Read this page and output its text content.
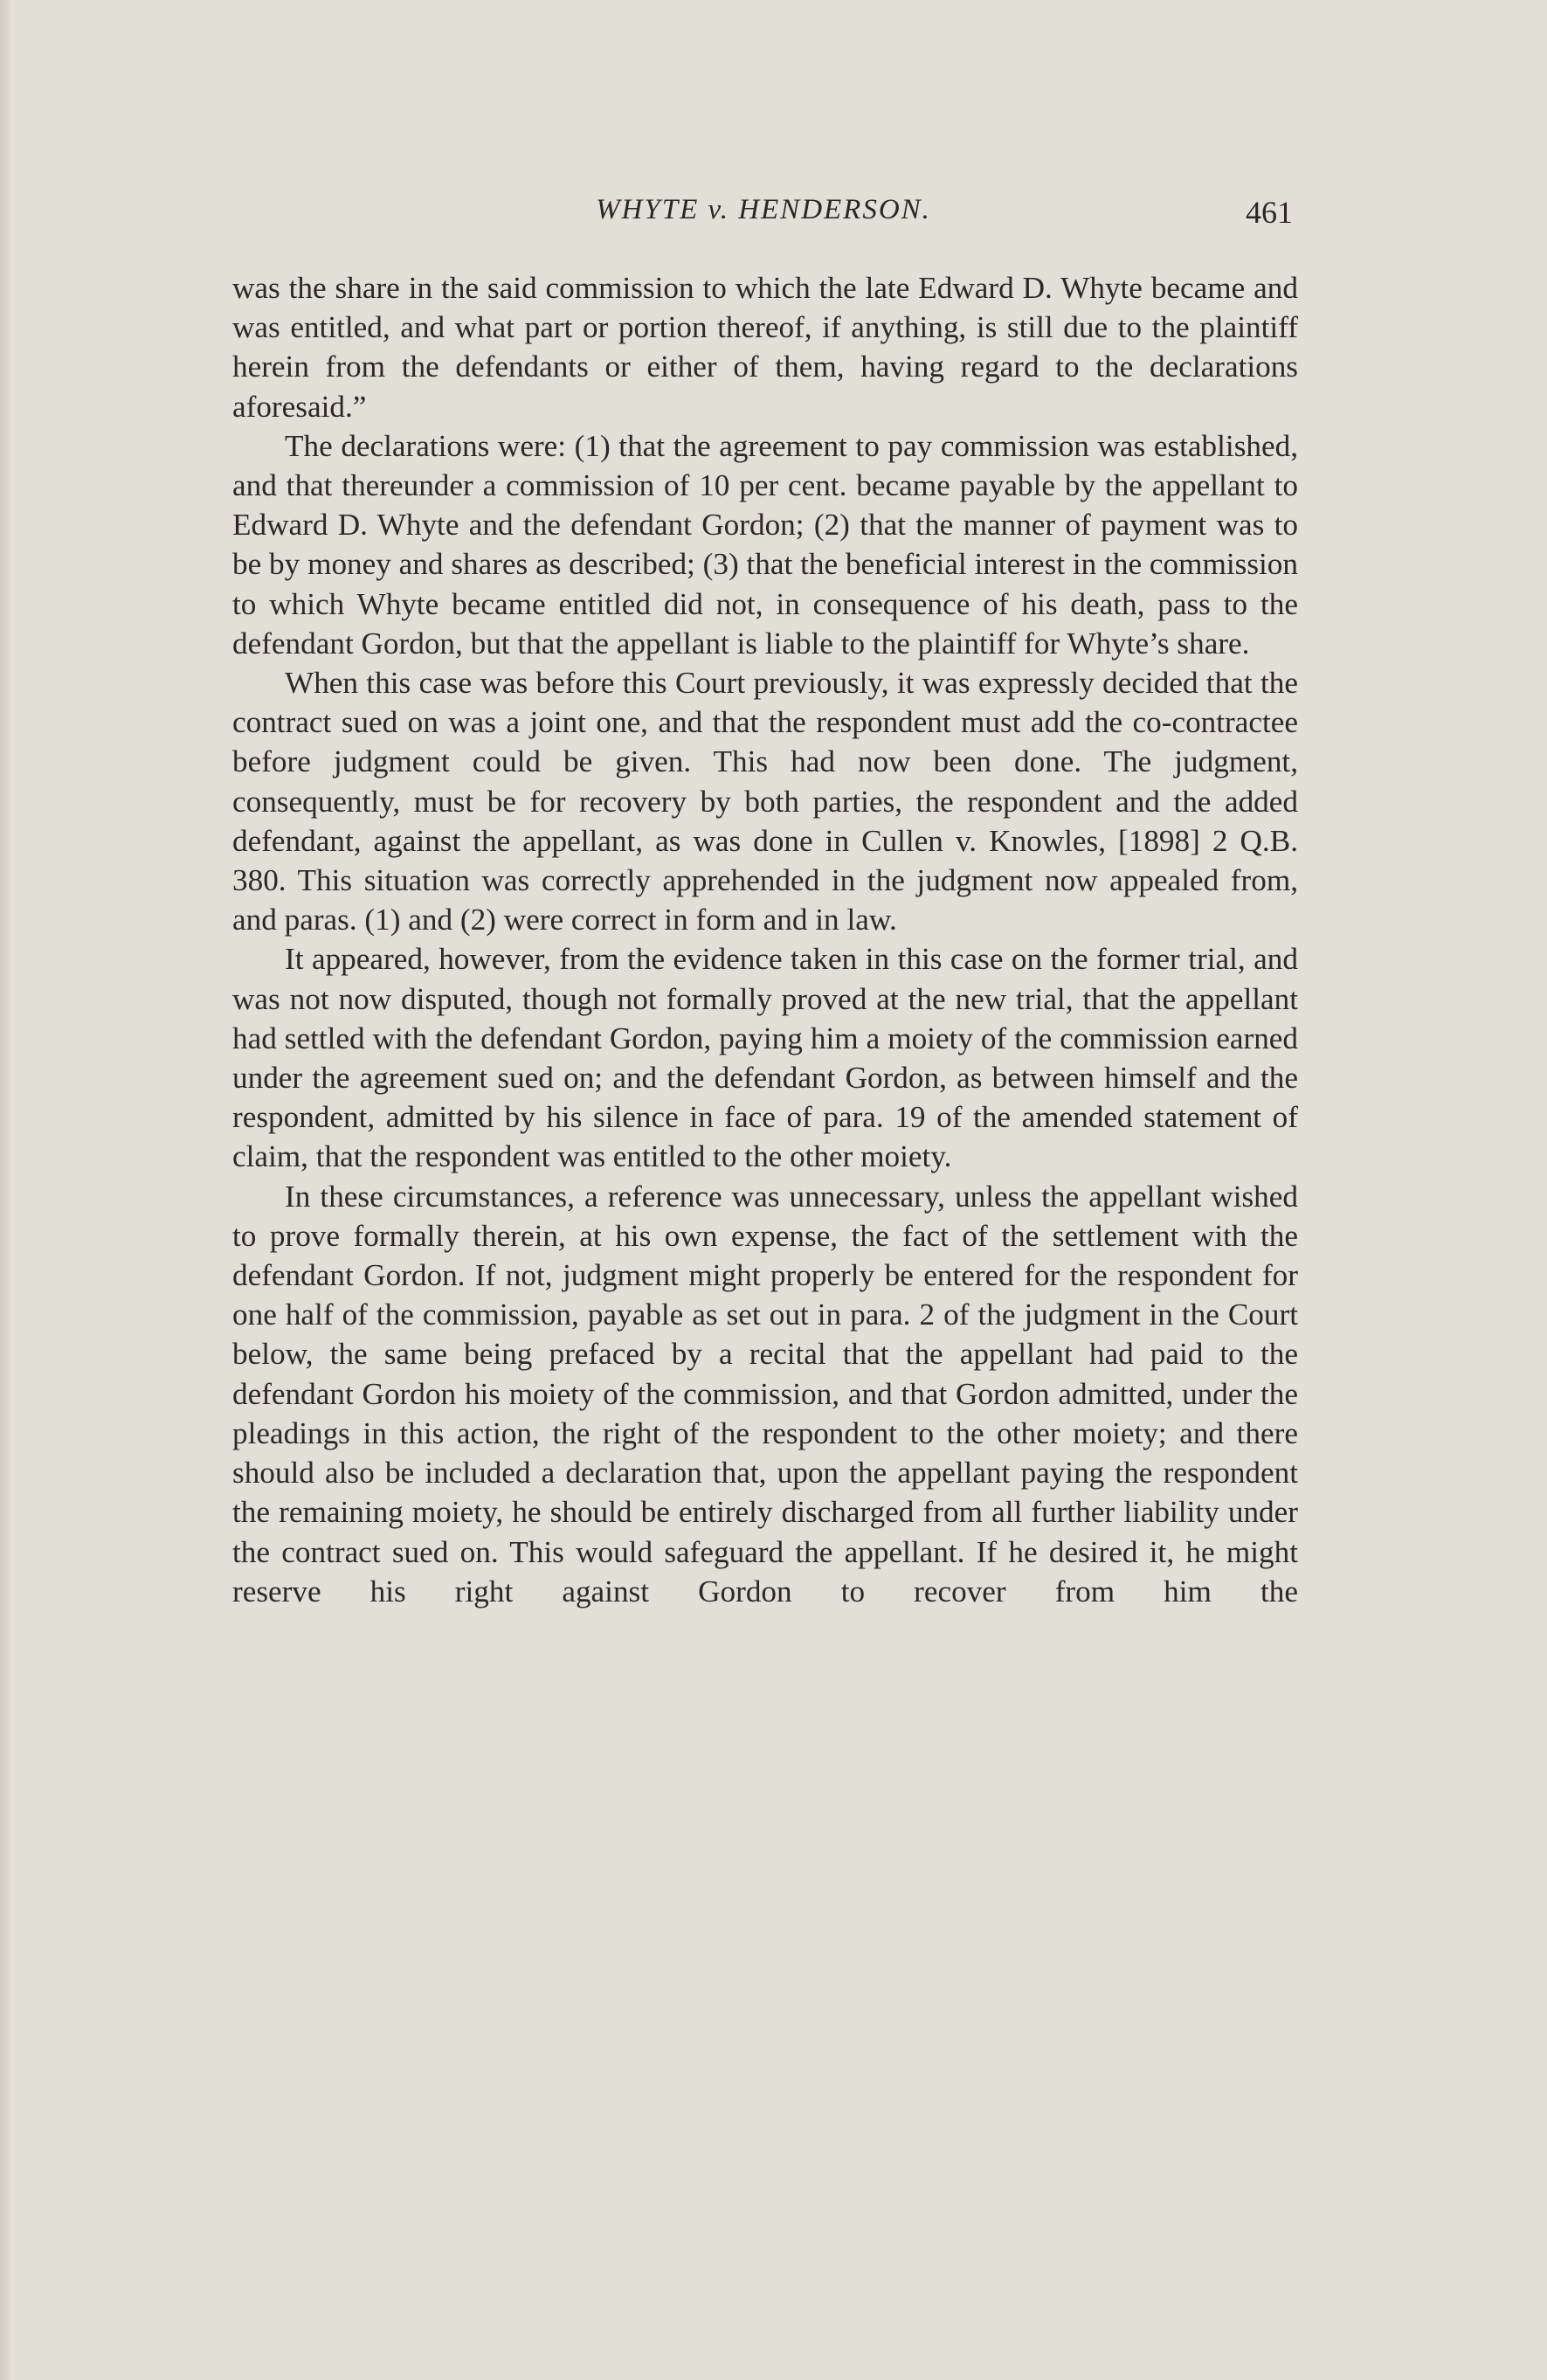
WHYTE v. HENDERSON.	461

was the share in the said commission to which the late Edward D. Whyte became and was entitled, and what part or portion thereof, if anything, is still due to the plaintiff herein from the defendants or either of them, having regard to the declarations aforesaid.”

The declarations were: (1) that the agreement to pay commission was established, and that thereunder a commission of 10 per cent. became payable by the appellant to Edward D. Whyte and the defendant Gordon; (2) that the manner of payment was to be by money and shares as described; (3) that the beneficial interest in the commission to which Whyte became entitled did not, in consequence of his death, pass to the defendant Gordon, but that the appellant is liable to the plaintiff for Whyte’s share.

When this case was before this Court previously, it was expressly decided that the contract sued on was a joint one, and that the respondent must add the co-contractee before judgment could be given. This had now been done. The judgment, consequently, must be for recovery by both parties, the respondent and the added defendant, against the appellant, as was done in Cullen v. Knowles, [1898] 2 Q.B. 380. This situation was correctly apprehended in the judgment now appealed from, and paras. (1) and (2) were correct in form and in law.

It appeared, however, from the evidence taken in this case on the former trial, and was not now disputed, though not formally proved at the new trial, that the appellant had settled with the defendant Gordon, paying him a moiety of the commission earned under the agreement sued on; and the defendant Gordon, as between himself and the respondent, admitted by his silence in face of para. 19 of the amended statement of claim, that the respondent was entitled to the other moiety.

In these circumstances, a reference was unnecessary, unless the appellant wished to prove formally therein, at his own expense, the fact of the settlement with the defendant Gordon. If not, judgment might properly be entered for the respondent for one half of the commission, payable as set out in para. 2 of the judgment in the Court below, the same being prefaced by a recital that the appellant had paid to the defendant Gordon his moiety of the commission, and that Gordon admitted, under the pleadings in this action, the right of the respondent to the other moiety; and there should also be included a declaration that, upon the appellant paying the respondent the remaining moiety, he should be entirely discharged from all further liability under the contract sued on. This would safeguard the appellant. If he desired it, he might reserve his right against Gordon to recover from him the
